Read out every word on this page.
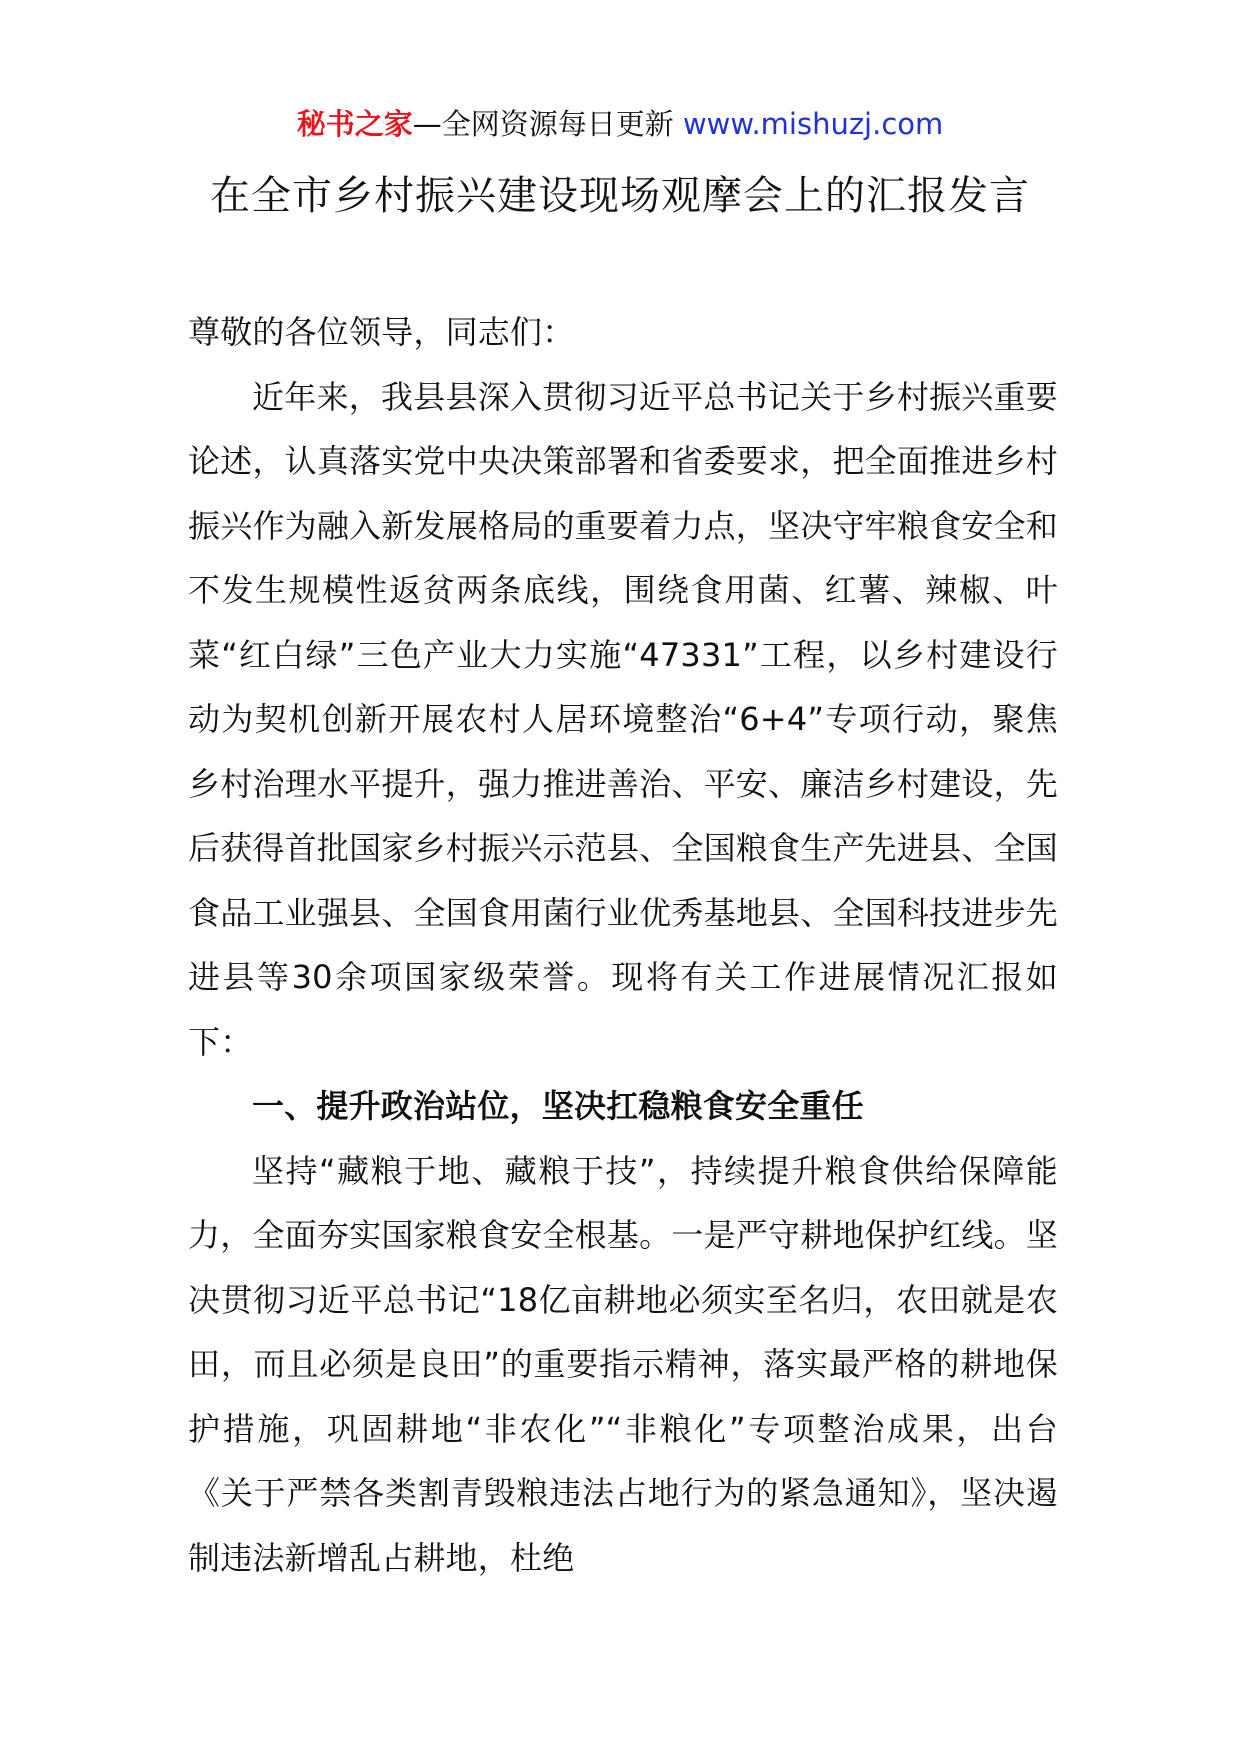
秘书之家—全网资源每日更新 www.mishuzj.com
在全市乡村振兴建设现场观摩会上的汇报发言

尊敬的各位领导，同志们：

近年来，我县县深入贯彻习近平总书记关于乡村振兴重要论述，认真落实党中央决策部署和省委要求，把全面推进乡村振兴作为融入新发展格局的重要着力点，坚决守牢粮食安全和不发生规模性返贫两条底线，围绕食用菌、红薯、辣椒、叶菜“红白绿”三色产业大力实施“47331”工程，以乡村建设行动为契机创新开展农村人居环境整治“6+4”专项行动，聚焦乡村治理水平提升，强力推进善治、平安、廉洁乡村建设，先后获得首批国家乡村振兴示范县、全国粮食生产先进县、全国食品工业强县、全国食用菌行业优秀基地县、全国科技进步先进县等30余项国家级荣誉。现将有关工作进展情况汇报如下：

一、提升政治站位，坚决扛稳粮食安全重任

坚持“藏粮于地、藏粮于技”，持续提升粮食供给保障能力，全面夯实国家粮食安全根基。一是严守耕地保护红线。坚决贯彻习近平总书记“18亿亩耕地必须实至名归，农田就是农田，而且必须是良田”的重要指示精神，落实最严格的耕地保护措施，巩固耕地“非农化”“非粮化”专项整治成果，出台《关于严禁各类割青毁粮违法占地行为的紧急通知》，坚决遏制违法新增乱占耕地，杜绝
